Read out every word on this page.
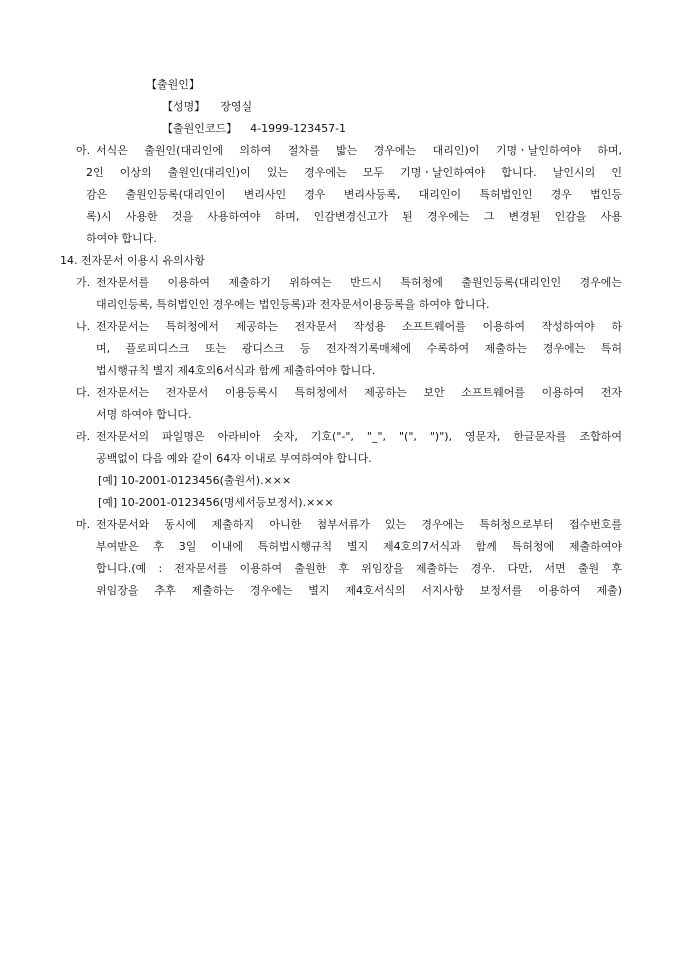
【출원인】
【성명】 장영실
【출원인코드】 4-1999-123457-1
아. 서식은 출원인(대리인에 의하여 절차를 밟는 경우에는 대리인)이 기명ㆍ날인하여야 하며,
2인 이상의 출원인(대리인)이 있는 경우에는 모두 기명ㆍ날인하여야 합니다. 날인시의 인
감은 출원인등록(대리인이 변리사인 경우 변리사등록, 대리인이 특허법인인 경우 법인등
록)시 사용한 것을 사용하여야 하며, 인감변경신고가 된 경우에는 그 변경된 인감을 사용
하여야 합니다.
14. 전자문서 이용시 유의사항
가. 전자문서를 이용하여 제출하기 위하여는 반드시 특허청에 출원인등록(대리인인 경우에는
대리인등록, 특허법인인 경우에는 법인등록)과 전자문서이용등록을 하여야 합니다.
나. 전자문서는 특허청에서 제공하는 전자문서 작성용 소프트웨어를 이용하여 작성하여야 하
며, 플로피디스크 또는 광디스크 등 전자적기록매체에 수록하여 제출하는 경우에는 특허
법시행규칙 별지 제4호의6서식과 함께 제출하여야 합니다.
다. 전자문서는 전자문서 이용등록시 특허청에서 제공하는 보안 소프트웨어를 이용하여 전자
서명 하여야 합니다.
라. 전자문서의 파일명은 아라비아 숫자, 기호("-", "_", "(", ")"), 영문자, 한글문자를 조합하여
공백없이 다음 예와 같이 64자 이내로 부여하여야 합니다.
[예] 10-2001-0123456(출원서).×××
[예] 10-2001-0123456(명세서등보정서).×××
마. 전자문서와 동시에 제출하지 아니한 첨부서류가 있는 경우에는 특허청으로부터 접수번호를
부여받은 후 3일 이내에 특허법시행규칙 별지 제4호의7서식과 함께 특허청에 제출하여야
합니다.(예 : 전자문서를 이용하여 출원한 후 위임장을 제출하는 경우. 다만, 서면 출원 후
위임장을 추후 제출하는 경우에는 별지 제4호서식의 서지사항 보정서를 이용하여 제출)
